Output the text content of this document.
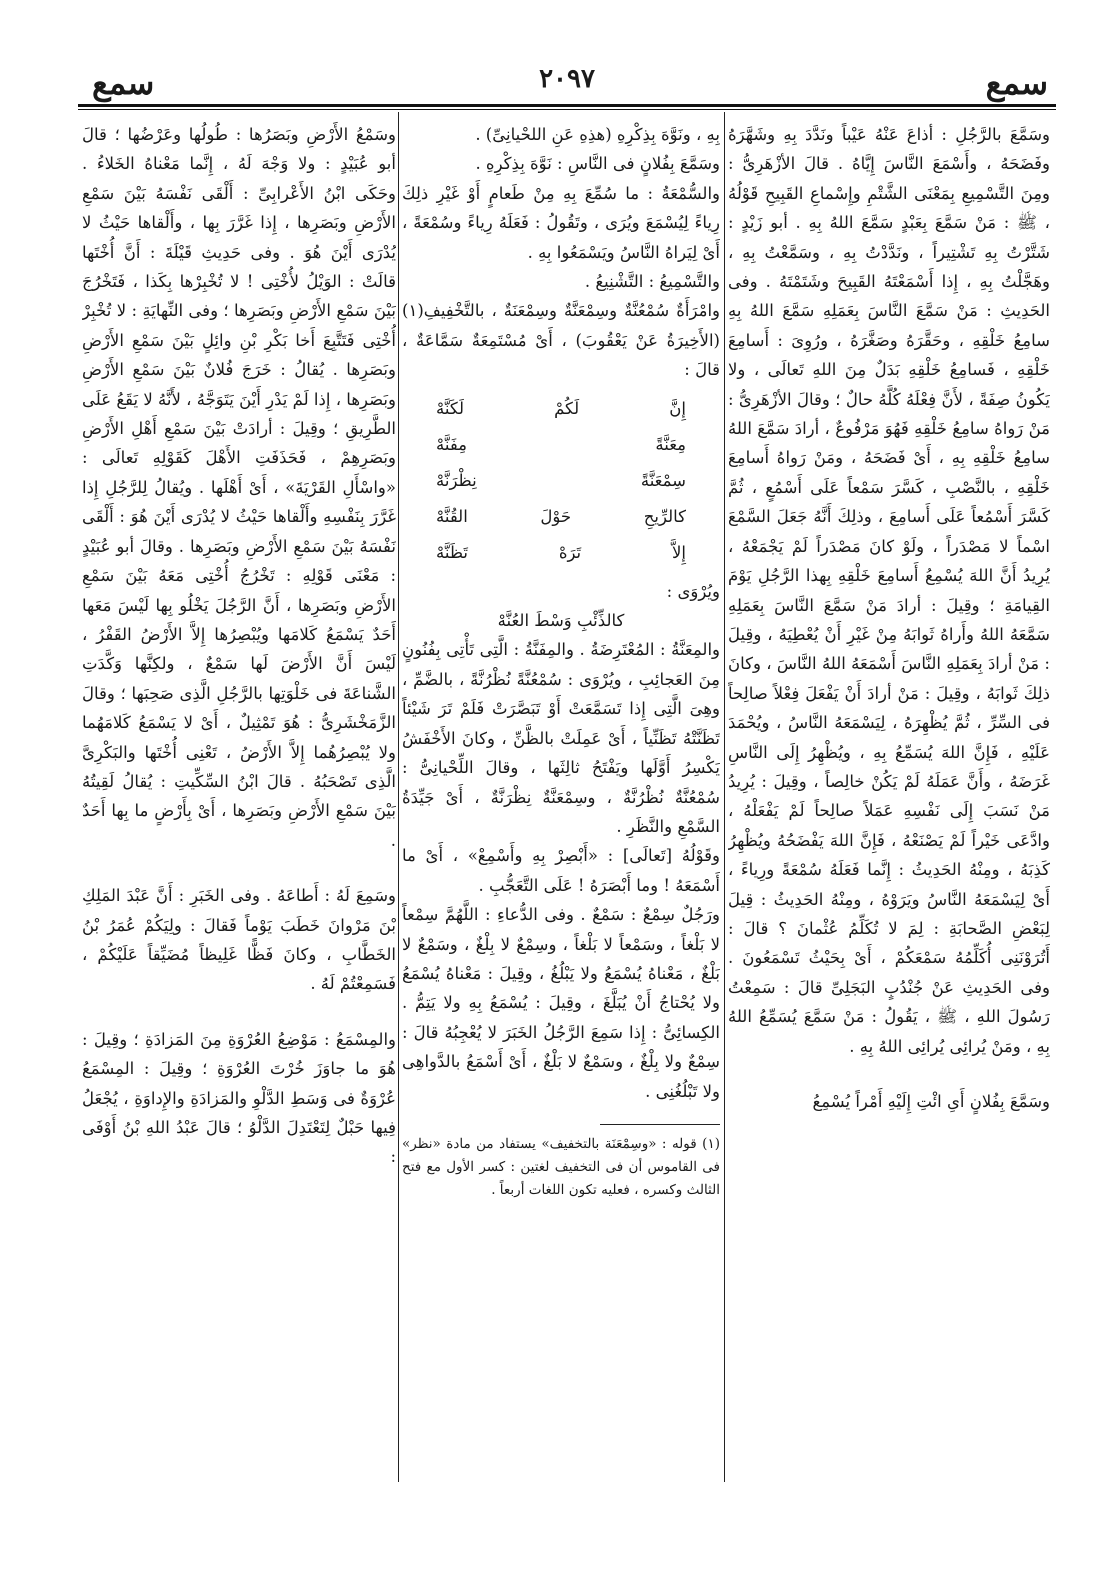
سمع
٢٠٩٧
سمع

وسَمَّعَ بالرَّجُلِ : أذاعَ عَنْهُ عَيْباً ونَدَّدَ بِهِ وشَهَّرَهُ وفَضَحَهُ ، وأَسْمَعَ النَّاسَ إِيَّاهُ . قالَ الأزْهَرِىُّ : ومِنَ التَّسْمِيعِ بِمَعْنَى الشَّتْمِ وإِسْماعِ القَبِيحِ قَوْلُهُ ، ﷺ : مَنْ سَمَّعَ بِعَبْدٍ سَمَّعَ اللهُ بِهِ . أبو زَيْدٍ : شَتَّرْتُ بِهِ تَشْتِيراً ، ونَدَّدْتُ بِهِ ، وسَمَّعْتُ بِهِ ، وهَجَّلْتُ بِهِ ، إِذا أَسْمَعْتَهُ القَبِيحَ وشَتَمْتَهُ . وفى الحَدِيثِ : مَنْ سَمَّعَ النَّاسَ بِعَمَلِهِ سَمَّعَ اللهُ بِهِ سامِعُ خَلْقِهِ ، وحَقَّرَهُ وصَغَّرَهُ ، ورُوِىَ : أَسامِعَ خَلْقِهِ ، فَسامِعُ خَلْقِهِ بَدَلٌ مِنَ اللهِ تَعالَى ، ولا يَكُونُ صِفَةً ، لأَنَّ فِعْلَهُ كُلَّهُ حالٌ ؛ وقالَ الأزْهَرِىُّ : مَنْ رَواهُ سامِعُ خَلْقِهِ فَهُوَ مَرْفُوعٌ ، أرادَ سَمَّعَ اللهُ سامِعُ خَلْقِهِ بِهِ ، أَىْ فَضَحَهُ ، ومَنْ رَواهُ أَسامِعَ خَلْقِهِ ، بالنَّصْبِ ، كَسَّرَ سَمْعاً عَلَى أَسْمُعٍ ، ثُمَّ كَسَّرَ أَسْمُعاً عَلَى أَسامِعَ ، وذلِكَ أَنَّهُ جَعَلَ السَّمْعَ اسْماً لا مَصْدَراً ، ولَوْ كانَ مَصْدَراً لَمْ يَجْمَعْهُ ، يُرِيدُ أَنَّ اللهَ يُسْمِعُ أَسامِعَ خَلْقِهِ بِهذا الرَّجُلِ يَوْمَ القِيامَةِ ؛ وقِيلَ : أرادَ مَنْ سَمَّعَ النَّاسَ بِعَمَلِهِ سَمَّعَهُ اللهُ وأَراهُ ثَوابَهُ مِنْ غَيْرِ أَنْ يُعْطِيَهُ ، وقِيلَ : مَنْ أرادَ بِعَمَلِهِ النَّاسَ أَسْمَعَهُ اللهُ النَّاسَ ، وكانَ ذلِكَ ثَوابَهُ ، وقِيلَ : مَنْ أرادَ أَنْ يَفْعَلَ فِعْلاً صالِحاً فى السِّرِّ ، ثُمَّ يُظْهِرَهُ ، لِيَسْمَعَهُ النَّاسُ ، ويُحْمَدَ عَلَيْهِ ، فَإِنَّ اللهَ يُسَمِّعُ بِهِ ، ويُظْهِرُ إِلَى النَّاسِ غَرَضَهُ ، وأَنَّ عَمَلَهُ لَمْ يَكُنْ خالِصاً ، وقِيلَ : يُرِيدُ مَنْ نَسَبَ إِلَى نَفْسِهِ عَمَلاً صالِحاً لَمْ يَفْعَلْهُ ، وادَّعَى خَيْراً لَمْ يَصْنَعْهُ ، فَإِنَّ اللهَ يَفْضَحُهُ ويُظْهِرُ كَذِبَهُ ، ومِنْهُ الحَدِيثُ : إِنَّما فَعَلَهُ سُمْعَةً ورِياءً ، أَىْ لِيَسْمَعَهُ النَّاسُ ويَرَوْهُ ، ومِنْهُ الحَدِيثُ : قِيلَ لِبَعْضِ الصَّحابَةِ : لِمَ لا تُكَلِّمُ عُثْمانَ ؟ قالَ : أَتُرَوْنَنِى أُكَلِّمُهُ سَمْعَكُمْ ، أَىْ بِحَيْثُ تَسْمَعُونَ . وفى الحَدِيثِ عَنْ جُنْدُبٍ البَجَلِىِّ قالَ : سَمِعْتُ رَسُولَ اللهِ ، ﷺ ، يَقُولُ : مَنْ سَمَّعَ يُسَمِّعُ اللهُ بِهِ ، ومَنْ يُرائِى يُرائِى اللهُ بِهِ .

وسَمَّعَ بِفُلانٍ أَىِ ائْتِ إِلَيْهِ أَمْراً يُسْمِعُ

بِهِ ، ونَوَّهَ بِذِكْرِهِ (هذِهِ عَنِ اللحْيانِىِّ) .

وسَمَّعَ بِفُلانٍ فى النَّاسِ : نَوَّهَ بِذِكْرِهِ .

والسُّمْعَةُ : ما سُمِّعَ بِهِ مِنْ طَعامٍ أَوْ غَيْرِ ذلِكَ رِياءً لِيُسْمَعَ ويُرَى ، وتَقُولُ : فَعَلَهُ رِياءً وسُمْعَةً ، أَىْ لِيَراهُ النَّاسُ ويَسْمَعُوا بِهِ .

والتَّسْمِيعُ : التَّشْنِيعُ .

وامْرَأَةٌ سُمْعُنَّةٌ وسِمْعَنَّةٌ وسِمْعَنَةٌ ، بالتَّخْفِيفِ(١) (الأَخِيرَةُ عَنْ يَعْقُوبَ) ، أَىْ مُسْتَمِعَةٌ سَمَّاعَةٌ ، قالَ :

إِنَّ
لَكُمْ
لَكَنَّهْ
مِعَنَّةً
مِفَنَّهْ
سِمْعَنَّةً
نِظْرَنَّهْ
كالرِّيحِ
حَوْلَ
القُنَّهْ
إِلاَّ
تَرَهْ
تَظَنَّهْ

ويُرْوَى :

كالذِّئْبِ وَسْطَ العُنَّهْ

والمِعَنَّةُ : المُعْتَرِضَةُ . والمِفَنَّةُ : الَّتِى تَأْتِى بِفُنُونٍ مِنَ العَجائِبِ ، ويُرْوَى : سُمْعُنَّةً نُظْرُنَّةً ، بالضَّمِّ ، وهِىَ الَّتِى إِذا تَسَمَّعَتْ أَوْ تَبَصَّرَتْ فَلَمْ تَرَ شَيْئاً تَظَنَّتْهُ تَظَنِّياً ، أَىْ عَمِلَتْ بالظَّنِّ ، وكانَ الأَخْفَشُ يَكْسِرُ أَوَّلَها ويَفْتَحُ ثالِثَها ، وقالَ اللِّحْيانِىُّ : سُمْعُنَّةٌ نُظْرُنَّةٌ ، وسِمْعَنَّةٌ نِظْرَنَّةٌ ، أَىْ جَيِّدَةُ السَّمْعِ والنَّظَرِ .

وقَوْلُهُ [تَعالَى] : «أَبْصِرْ بِهِ وأَسْمِعْ» ، أَىْ ما أَسْمَعَهُ ! وما أَبْصَرَهُ ! عَلَى التَّعَجُّبِ .

ورَجُلٌ سِمْعٌ : سَمْعٌ . وفى الدُّعاءِ : اللَّهُمَّ سِمْعاً لا بَلْغاً ، وسَمْعاً لا بَلْغاً ، وسِمْعٌ لا بِلْغٌ ، وسَمْعٌ لا بَلْغٌ ، مَعْناهُ يُسْمَعُ ولا يَبْلُغُ ، وقِيلَ : مَعْناهُ يُسْمَعُ ولا يُحْتاجُ أَنْ يُبَلَّغَ ، وقِيلَ : يُسْمَعُ بِهِ ولا يَتِمُّ . الكِسائِىُّ : إِذا سَمِعَ الرَّجُلُ الخَبَرَ لا يُعْجِبُهُ قالَ : سِمْعٌ ولا بِلْغٌ ، وسَمْعٌ لا بَلْغٌ ، أَىْ أَسْمَعُ بالدَّواهِى ولا تَبْلُغُنِى .

(١) قوله : «وسِمْعَنَة بالتخفيف» يستفاد من مادة «نظر» فى القاموس أن فى التخفيف لغتين : كسر الأول مع فتح الثالث وكسره ، فعليه تكون اللغات أربعاً .

وسَمْعُ الأَرْضِ وبَصَرُها : طُولُها وعَرْضُها ؛ قالَ أبو عُبَيْدٍ : ولا وَجْهَ لَهُ ، إِنَّما مَعْناهُ الخَلاءُ . وحَكَى ابْنُ الأَعْرابِىِّ : أَلْقَى نَفْسَهُ بَيْنَ سَمْعِ الأَرْضِ وبَصَرِها ، إِذا غَرَّرَ بِها ، وأَلْقاها حَيْثُ لا يُدْرَى أَيْنَ هُوَ . وفى حَدِيثِ قَيْلَةَ : أَنَّ أُخْتَها قالَتْ : الوَيْلُ لأُخْتِى ! لا تُخْبِرْها بِكَذا ، فَتَخْرُجَ بَيْنَ سَمْعِ الأَرْضِ وبَصَرِها ؛ وفى النِّهايَةِ : لا تُخْبِرْ أُخْتِى فَتَتَّبِعَ أَخا بَكْرِ بْنِ وائِلٍ بَيْنَ سَمْعِ الأَرْضِ وبَصَرِها . يُقالُ : خَرَجَ فُلانٌ بَيْنَ سَمْعِ الأَرْضِ وبَصَرِها ، إِذا لَمْ يَدْرِ أَيْنَ يَتَوَجَّهُ ، لأَنَّهُ لا يَقَعُ عَلَى الطَّرِيقِ ؛ وقِيلَ : أرادَتْ بَيْنَ سَمْعِ أَهْلِ الأَرْضِ وبَصَرِهِمْ ، فَحَذَفَتِ الأَهْلَ كَقَوْلِهِ تَعالَى : «واسْأَلِ القَرْيَةَ» ، أَىْ أَهْلَها . ويُقالُ لِلرَّجُلِ إِذا غَرَّرَ بِنَفْسِهِ وأَلْقاها حَيْثُ لا يُدْرَى أَيْنَ هُوَ : أَلْقَى نَفْسَهُ بَيْنَ سَمْعِ الأَرْضِ وبَصَرِها . وقالَ أبو عُبَيْدٍ : مَعْنَى قَوْلِهِ : تَخْرُجُ أُخْتِى مَعَهُ بَيْنَ سَمْعِ الأَرْضِ وبَصَرِها ، أَنَّ الرَّجُلَ يَخْلُو بِها لَيْسَ مَعَها أَحَدٌ يَسْمَعُ كَلامَها ويُبْصِرُها إِلاَّ الأَرْضُ القَفْرُ ، لَيْسَ أَنَّ الأَرْضَ لَها سَمْعٌ ، ولكِنَّها وَكَّدَتِ الشَّناعَةَ فى خَلْوَتِها بالرَّجُلِ الَّذِى صَحِبَها ؛ وقالَ الزَّمَخْشَرِىُّ : هُوَ تَمْثِيلٌ ، أَىْ لا يَسْمَعُ كَلامَهُما ولا يُبْصِرُهُما إِلاَّ الأَرْضُ ، تَعْنِى أُخْتَها والبَكْرِىَّ الَّذِى تَصْحَبُهُ . قالَ ابْنُ السِّكِّيتِ : يُقالُ لَقِيتُهُ بَيْنَ سَمْعِ الأَرْضِ وبَصَرِها ، أَىْ بِأَرْضٍ ما بِها أَحَدٌ .

وسَمِعَ لَهُ : أَطاعَهُ . وفى الخَبَرِ : أَنَّ عَبْدَ المَلِكِ بْنَ مَرْوانَ خَطَبَ يَوْماً فَقالَ : ولِيَكُمْ عُمَرُ بْنُ الخَطَّابِ ، وكانَ فَظًّا غَلِيظاً مُضَيِّقاً عَلَيْكُمْ ، فَسَمِعْتُمْ لَهُ .

والمِسْمَعُ : مَوْضِعُ العُرْوَةِ مِنَ المَزادَةِ ؛ وقِيلَ : هُوَ ما جاوَزَ خُرْتَ العُرْوَةِ ؛ وقِيلَ : المِسْمَعُ عُرْوَةٌ فى وَسَطِ الدَّلْوِ والمَزادَةِ والإِداوَةِ ، يُجْعَلُ فِيها حَبْلٌ لِتَعْتَدِلَ الدَّلْوُ ؛ قالَ عَبْدُ اللهِ بْنُ أَوْفَى :
